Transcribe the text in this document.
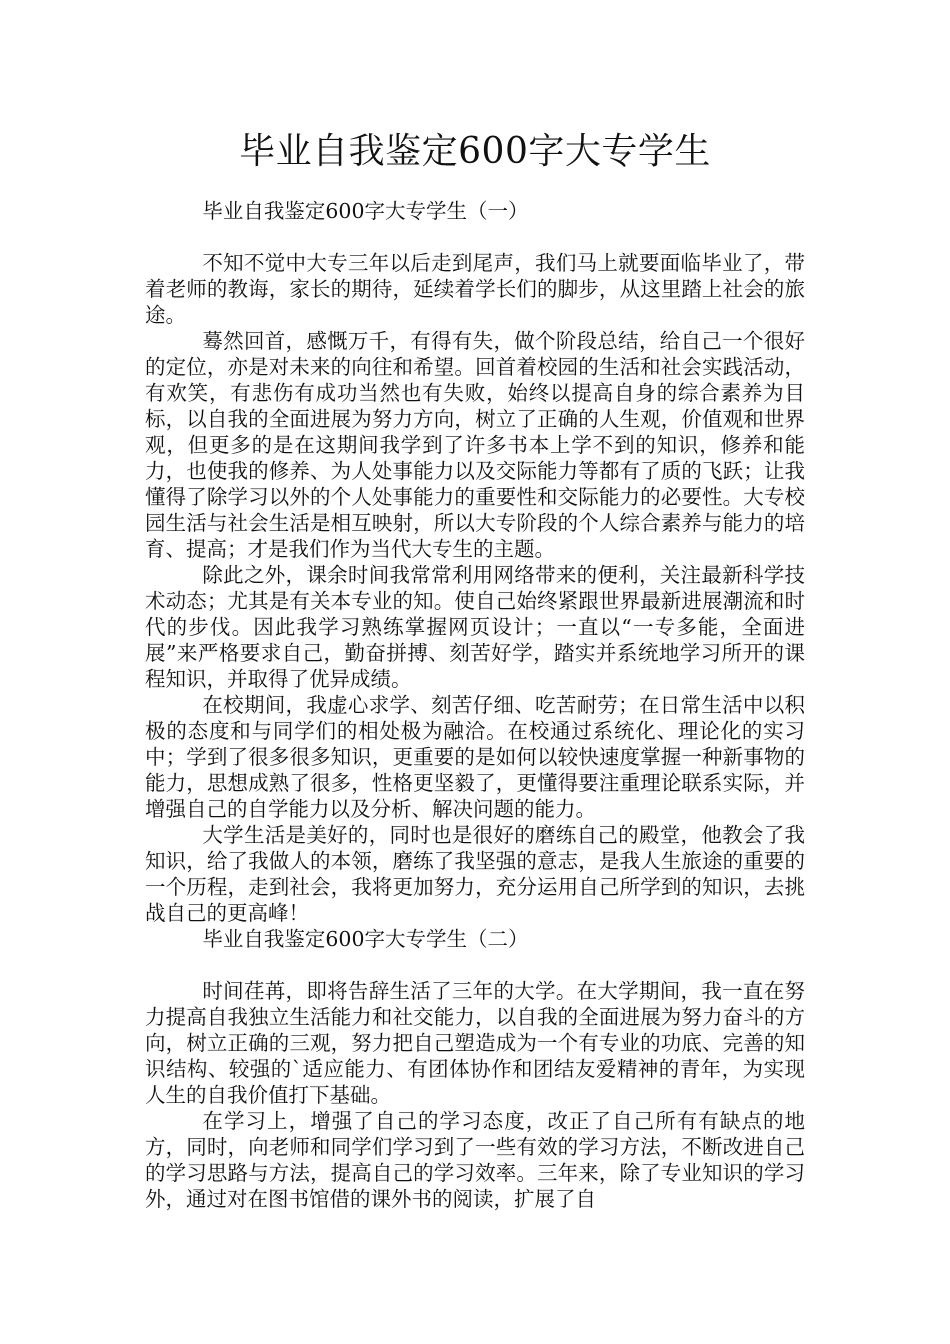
毕业自我鉴定600字大专学生
毕业自我鉴定600字大专学生（一）

不知不觉中大专三年以后走到尾声，我们马上就要面临毕业了，带着老师的教诲，家长的期待，延续着学长们的脚步，从这里踏上社会的旅途。

蓦然回首，感慨万千，有得有失，做个阶段总结，给自己一个很好的定位，亦是对未来的向往和希望。回首着校园的生活和社会实践活动，有欢笑，有悲伤有成功当然也有失败，始终以提高自身的综合素养为目标，以自我的全面进展为努力方向，树立了正确的人生观，价值观和世界观，但更多的是在这期间我学到了许多书本上学不到的知识，修养和能力，也使我的修养、为人处事能力以及交际能力等都有了质的飞跃；让我懂得了除学习以外的个人处事能力的重要性和交际能力的必要性。大专校园生活与社会生活是相互映射，所以大专阶段的个人综合素养与能力的培育、提高；才是我们作为当代大专生的主题。

除此之外，课余时间我常常利用网络带来的便利，关注最新科学技术动态；尤其是有关本专业的知。使自己始终紧跟世界最新进展潮流和时代的步伐。因此我学习熟练掌握网页设计；一直以“一专多能，全面进展”来严格要求自己，勤奋拼搏、刻苦好学，踏实并系统地学习所开的课程知识，并取得了优异成绩。

在校期间，我虚心求学、刻苦仔细、吃苦耐劳；在日常生活中以积极的态度和与同学们的相处极为融洽。在校通过系统化、理论化的实习中；学到了很多很多知识，更重要的是如何以较快速度掌握一种新事物的能力，思想成熟了很多，性格更坚毅了，更懂得要注重理论联系实际，并增强自己的自学能力以及分析、解决问题的能力。

大学生活是美好的，同时也是很好的磨练自己的殿堂，他教会了我知识，给了我做人的本领，磨练了我坚强的意志，是我人生旅途的重要的一个历程，走到社会，我将更加努力，充分运用自己所学到的知识，去挑战自己的更高峰！

毕业自我鉴定600字大专学生（二）

时间荏苒，即将告辞生活了三年的大学。在大学期间，我一直在努力提高自我独立生活能力和社交能力，以自我的全面进展为努力奋斗的方向，树立正确的三观，努力把自己塑造成为一个有专业的功底、完善的知识结构、较强的`适应能力、有团体协作和团结友爱精神的青年，为实现人生的自我价值打下基础。

在学习上，增强了自己的学习态度，改正了自己所有有缺点的地方，同时，向老师和同学们学习到了一些有效的学习方法，不断改进自己的学习思路与方法，提高自己的学习效率。三年来，除了专业知识的学习外，通过对在图书馆借的课外书的阅读，扩展了自
